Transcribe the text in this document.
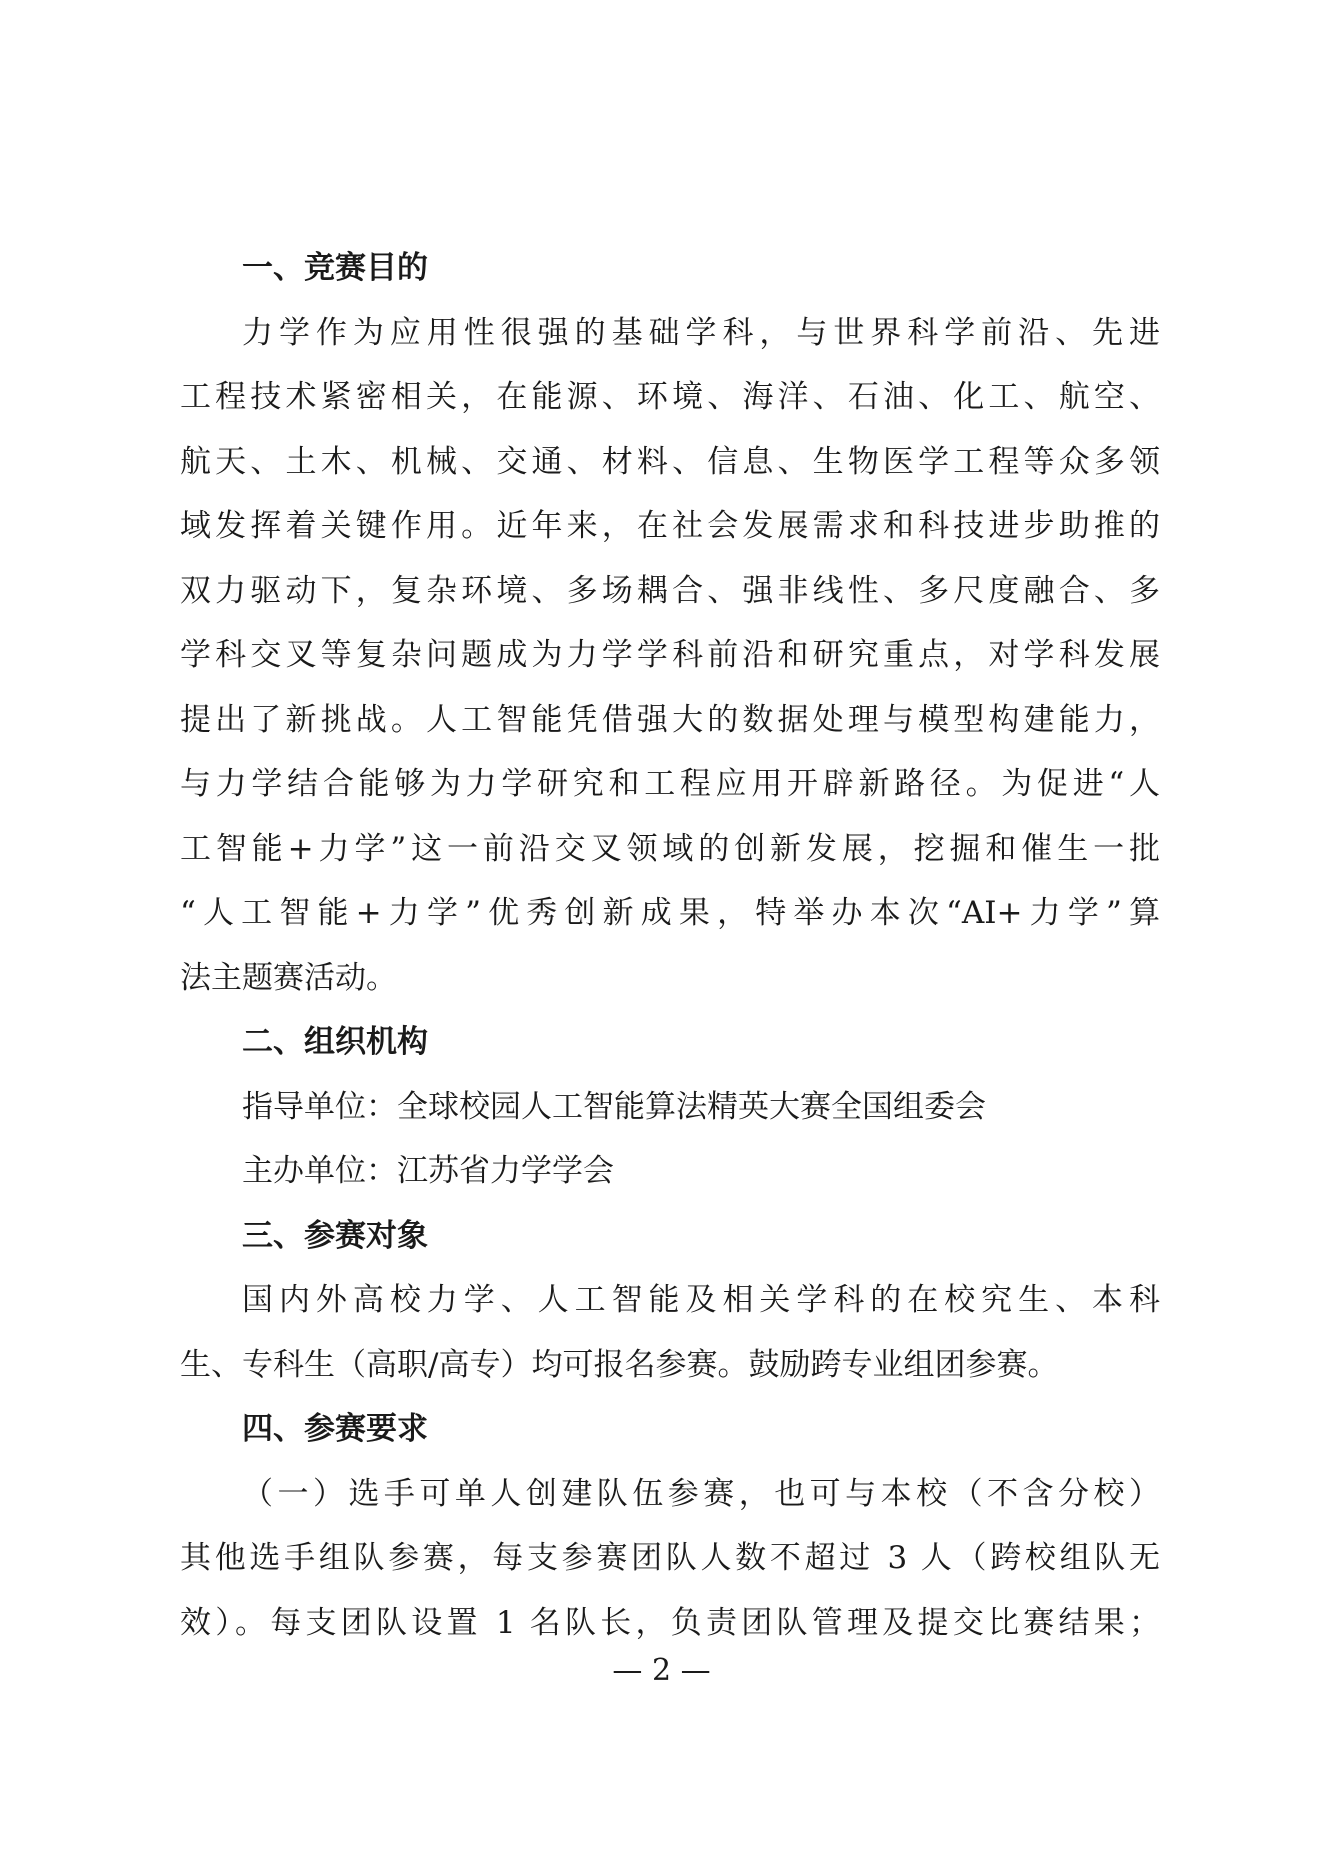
一、竞赛目的
力学作为应用性很强的基础学科，与世界科学前沿、先进
工程技术紧密相关，在能源、环境、海洋、石油、化工、航空、
航天、土木、机械、交通、材料、信息、生物医学工程等众多领
域发挥着关键作用。近年来，在社会发展需求和科技进步助推的
双力驱动下，复杂环境、多场耦合、强非线性、多尺度融合、多
学科交叉等复杂问题成为力学学科前沿和研究重点，对学科发展
提出了新挑战。人工智能凭借强大的数据处理与模型构建能力，
与力学结合能够为力学研究和工程应用开辟新路径。为促进“人
工智能+力学”这一前沿交叉领域的创新发展，挖掘和催生一批
“人工智能+力学”优秀创新成果，特举办本次“AI+力学”算
法主题赛活动。
二、组织机构
指导单位：全球校园人工智能算法精英大赛全国组委会
主办单位：江苏省力学学会
三、参赛对象
国内外高校力学、人工智能及相关学科的在校究生、本科
生、专科生（高职/高专）均可报名参赛。鼓励跨专业组团参赛。
四、参赛要求
（一）选手可单人创建队伍参赛，也可与本校（不含分校）
其他选手组队参赛，每支参赛团队人数不超过 3 人（跨校组队无
效）。每支团队设置 1 名队长，负责团队管理及提交比赛结果；
— 2 —
